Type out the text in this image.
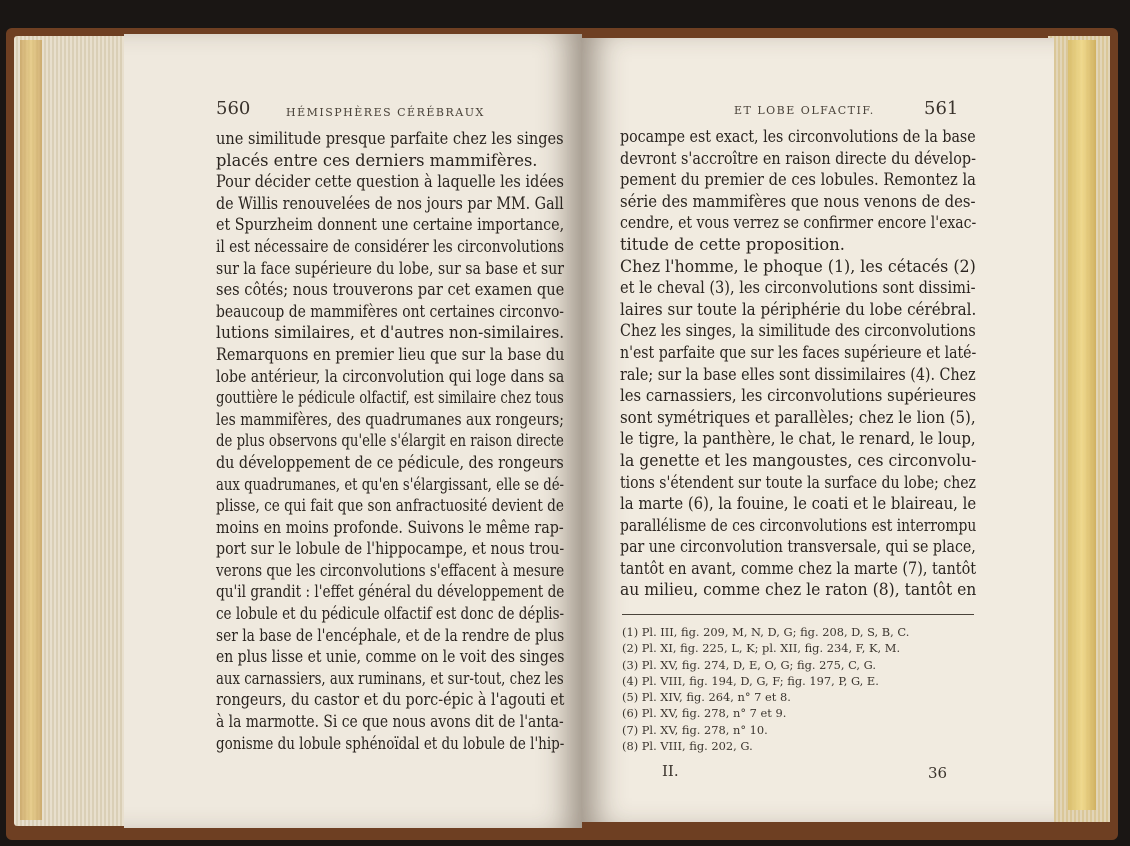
560	HÉMISPHÈRES CÉRÉBRAUX
une similitude presque parfaite chez les singes
placés entre ces derniers mammifères.
Pour décider cette question à laquelle les idées
de Willis renouvelées de nos jours par MM. Gall
et Spurzheim donnent une certaine importance,
il est nécessaire de considérer les circonvolutions
sur la face supérieure du lobe, sur sa base et sur
ses côtés; nous trouverons par cet examen que
beaucoup de mammifères ont certaines circonvo-
lutions similaires, et d'autres non-similaires.
Remarquons en premier lieu que sur la base du
lobe antérieur, la circonvolution qui loge dans sa
gouttière le pédicule olfactif, est similaire chez tous
les mammifères, des quadrumanes aux rongeurs;
de plus observons qu'elle s'élargit en raison directe
du développement de ce pédicule, des rongeurs
aux quadrumanes, et qu'en s'élargissant, elle se dé-
plisse, ce qui fait que son anfractuosité devient de
moins en moins profonde. Suivons le même rap-
port sur le lobule de l'hippocampe, et nous trou-
verons que les circonvolutions s'effacent à mesure
qu'il grandit : l'effet général du développement de
ce lobule et du pédicule olfactif est donc de déplis-
ser la base de l'encéphale, et de la rendre de plus
en plus lisse et unie, comme on le voit des singes
aux carnassiers, aux ruminans, et sur-tout, chez les
rongeurs, du castor et du porc-épic à l'agouti et
à la marmotte. Si ce que nous avons dit de l'anta-
gonisme du lobule sphénoïdal et du lobule de l'hip-
ET LOBE OLFACTIF.	561
pocampe est exact, les circonvolutions de la base
devront s'accroître en raison directe du dévelop-
pement du premier de ces lobules. Remontez la
série des mammifères que nous venons de des-
cendre, et vous verrez se confirmer encore l'exac-
titude de cette proposition.
Chez l'homme, le phoque (1), les cétacés (2)
et le cheval (3), les circonvolutions sont dissimi-
laires sur toute la périphérie du lobe cérébral.
Chez les singes, la similitude des circonvolutions
n'est parfaite que sur les faces supérieure et laté-
rale; sur la base elles sont dissimilaires (4). Chez
les carnassiers, les circonvolutions supérieures
sont symétriques et parallèles; chez le lion (5),
le tigre, la panthère, le chat, le renard, le loup,
la genette et les mangoustes, ces circonvolu-
tions s'étendent sur toute la surface du lobe; chez
la marte (6), la fouine, le coati et le blaireau, le
parallélisme de ces circonvolutions est interrompu
par une circonvolution transversale, qui se place,
tantôt en avant, comme chez la marte (7), tantôt
au milieu, comme chez le raton (8), tantôt en
(1) Pl. III, fig. 209, M, N, D, G; fig. 208, D, S, B, C.
(2) Pl. XI, fig. 225, L, K; pl. XII, fig. 234, F, K, M.
(3) Pl. XV, fig. 274, D, E, O, G; fig. 275, C, G.
(4) Pl. VIII, fig. 194, D, G, F; fig. 197, P, G, E.
(5) Pl. XIV, fig. 264, n° 7 et 8.
(6) Pl. XV, fig. 278, n° 7 et 9.
(7) Pl. XV, fig. 278, n° 10.
(8) Pl. VIII, fig. 202, G.
II.	36
